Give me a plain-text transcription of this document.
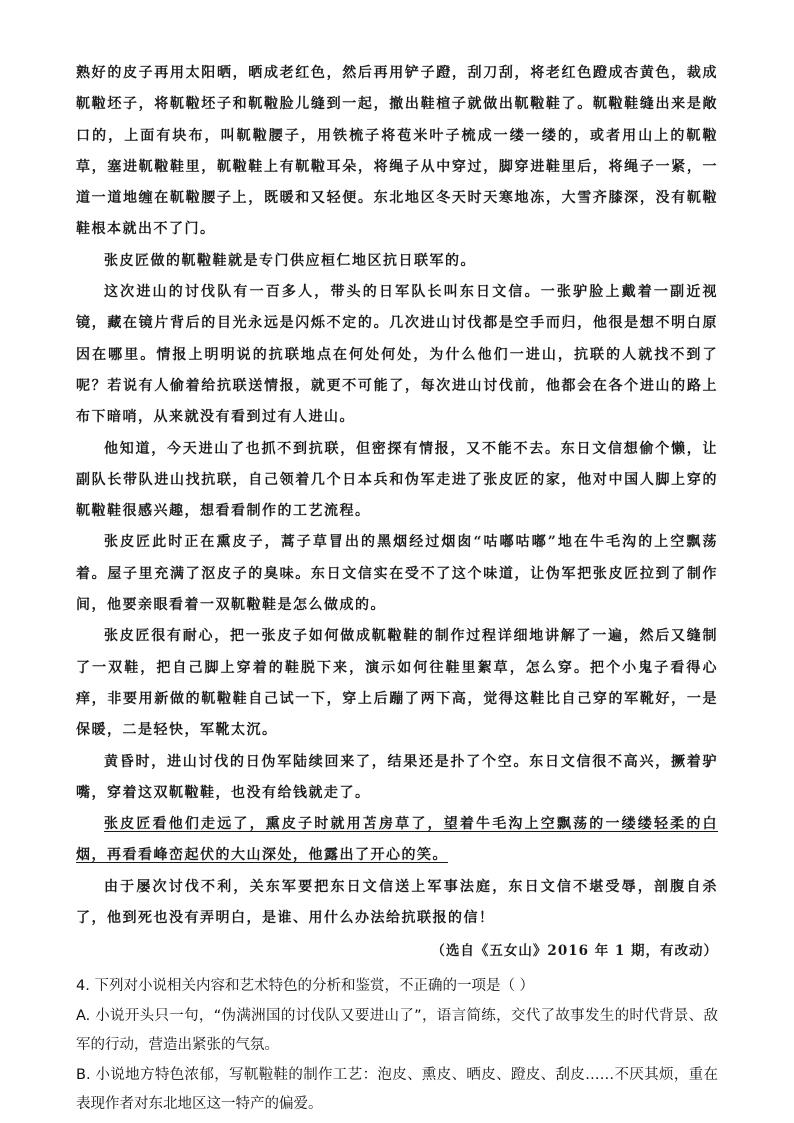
熟好的皮子再用太阳晒，晒成老红色，然后再用铲子蹬，刮刀刮，将老红色蹬成杏黄色，裁成靰鞡坯子，将靰鞡坯子和靰鞡脸儿缝到一起，撤出鞋楦子就做出靰鞡鞋了。靰鞡鞋缝出来是敞口的，上面有块布，叫靰鞡腰子，用铁梳子将苞米叶子梳成一缕一缕的，或者用山上的靰鞡草，塞进靰鞡鞋里，靰鞡鞋上有靰鞡耳朵，将绳子从中穿过，脚穿进鞋里后，将绳子一紧，一道一道地缠在靰鞡腰子上，既暖和又轻便。东北地区冬天时天寒地冻，大雪齐膝深，没有靰鞡鞋根本就出不了门。

张皮匠做的靰鞡鞋就是专门供应桓仁地区抗日联军的。

这次进山的讨伐队有一百多人，带头的日军队长叫东日文信。一张驴脸上戴着一副近视镜，藏在镜片背后的目光永远是闪烁不定的。几次进山讨伐都是空手而归，他很是想不明白原因在哪里。情报上明明说的抗联地点在何处何处，为什么他们一进山，抗联的人就找不到了呢？若说有人偷着给抗联送情报，就更不可能了，每次进山讨伐前，他都会在各个进山的路上布下暗哨，从来就没有看到过有人进山。

他知道，今天进山了也抓不到抗联，但密探有情报，又不能不去。东日文信想偷个懒，让副队长带队进山找抗联，自己领着几个日本兵和伪军走进了张皮匠的家，他对中国人脚上穿的靰鞡鞋很感兴趣，想看看制作的工艺流程。

张皮匠此时正在熏皮子，蒿子草冒出的黑烟经过烟囱“咕嘟咕嘟”地在牛毛沟的上空飘荡着。屋子里充满了沤皮子的臭味。东日文信实在受不了这个味道，让伪军把张皮匠拉到了制作间，他要亲眼看着一双靰鞡鞋是怎么做成的。

张皮匠很有耐心，把一张皮子如何做成靰鞡鞋的制作过程详细地讲解了一遍，然后又缝制了一双鞋，把自己脚上穿着的鞋脱下来，演示如何往鞋里絮草，怎么穿。把个小鬼子看得心痒，非要用新做的靰鞡鞋自己试一下，穿上后蹦了两下高，觉得这鞋比自己穿的军靴好，一是保暖，二是轻快，军靴太沉。

黄昏时，进山讨伐的日伪军陆续回来了，结果还是扑了个空。东日文信很不高兴，撅着驴嘴，穿着这双靰鞡鞋，也没有给钱就走了。

张皮匠看他们走远了，熏皮子时就用苫房草了，望着牛毛沟上空飘荡的一缕缕轻柔的白烟，再看看峰峦起伏的大山深处，他露出了开心的笑。

由于屡次讨伐不利，关东军要把东日文信送上军事法庭，东日文信不堪受辱，剖腹自杀了，他到死也没有弄明白，是谁、用什么办法给抗联报的信！

（选自《五女山》2016 年 1 期，有改动）

4. 下列对小说相关内容和艺术特色的分析和鉴赏，不正确的一项是（ ）

A. 小说开头只一句，“伪满洲国的讨伐队又要进山了”，语言简练，交代了故事发生的时代背景、敌军的行动，营造出紧张的气氛。

B. 小说地方特色浓郁，写靰鞡鞋的制作工艺：泡皮、熏皮、晒皮、蹬皮、刮皮……不厌其烦，重在表现作者对东北地区这一特产的偏爱。
